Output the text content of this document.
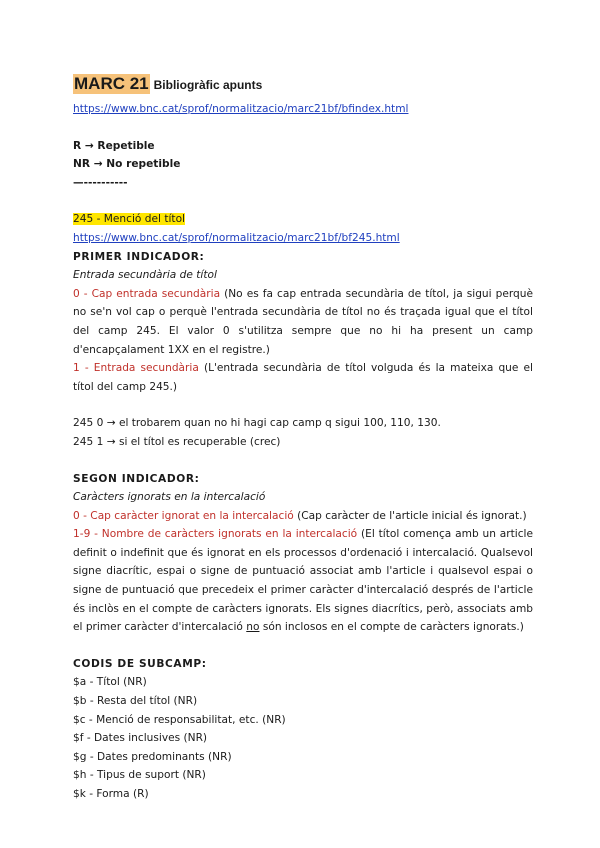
MARC 21 Bibliogràfic apunts
https://www.bnc.cat/sprof/normalitzacio/marc21bf/bfindex.html
R → Repetible
NR → No repetible
—----------
245 - Menció del títol
https://www.bnc.cat/sprof/normalitzacio/marc21bf/bf245.html
PRIMER INDICADOR:
Entrada secundària de títol

0 - Cap entrada secundària (No es fa cap entrada secundària de títol, ja sigui perquè no se'n vol cap o perquè l'entrada secundària de títol no és traçada igual que el títol del camp 245. El valor 0 s'utilitza sempre que no hi ha present un camp d'encapçalament 1XX en el registre.)

1 - Entrada secundària (L'entrada secundària de títol volguda és la mateixa que el títol del camp 245.)

245 0 → el trobarem quan no hi hagi cap camp q sigui 100, 110, 130.
245 1 → si el títol es recuperable (crec)
SEGON INDICADOR:
Caràcters ignorats en la intercalació

0 - Cap caràcter ignorat en la intercalació (Cap caràcter de l'article inicial és ignorat.)

1-9 - Nombre de caràcters ignorats en la intercalació (El títol comença amb un article definit o indefinit que és ignorat en els processos d'ordenació i intercalació. Qualsevol signe diacrític, espai o signe de puntuació associat amb l'article i qualsevol espai o signe de puntuació que precedeix el primer caràcter d'intercalació després de l'article és inclòs en el compte de caràcters ignorats. Els signes diacrítics, però, associats amb el primer caràcter d'intercalació no són inclosos en el compte de caràcters ignorats.)

CODIS DE SUBCAMP:
$a - Títol (NR)
$b - Resta del títol (NR)
$c - Menció de responsabilitat, etc. (NR)
$f - Dates inclusives (NR)
$g - Dates predominants (NR)
$h - Tipus de suport (NR)
$k - Forma (R)
